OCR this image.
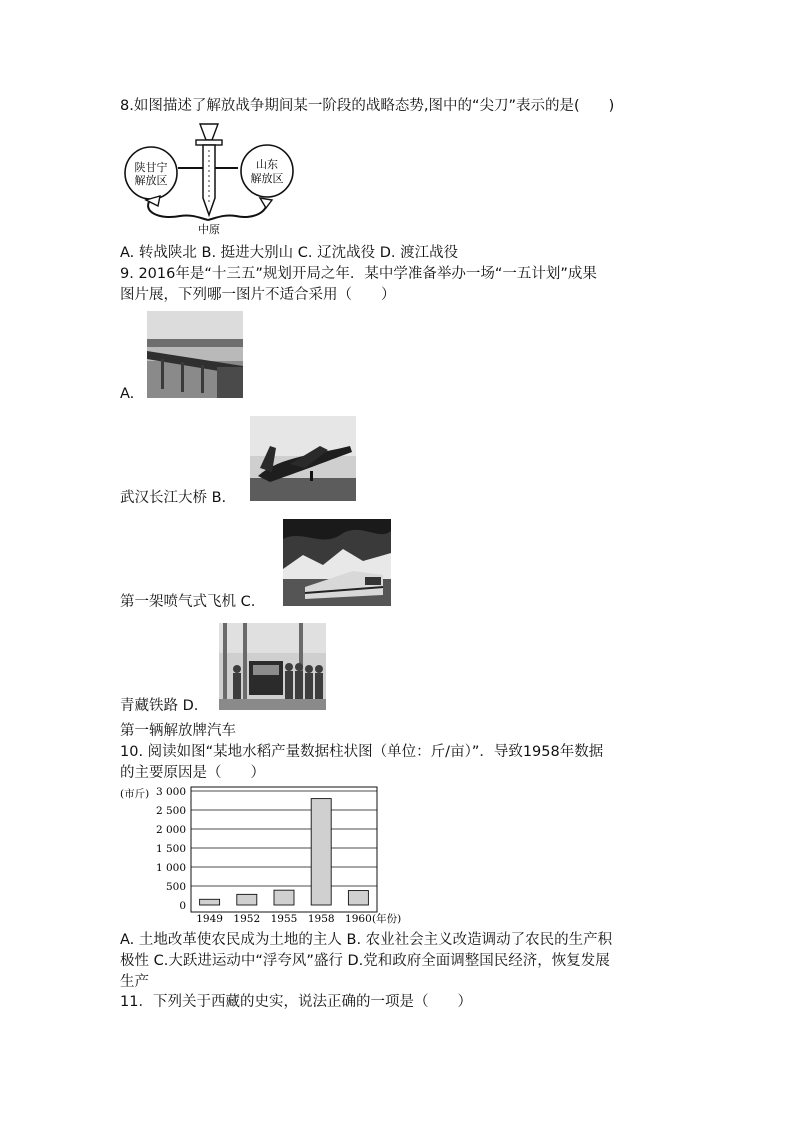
8.如图描述了解放战争期间某一阶段的战略态势,图中的“尖刀”表示的是(　　)
陕甘宁
解放区
山东
解放区
中原
A. 转战陕北 B. 挺进大别山 C. 辽沈战役 D. 渡江战役
9. 2016年是“十三五”规划开局之年．某中学准备举办一场“一五计划”成果
图片展，下列哪一图片不适合采用（　　）
A.
武汉长江大桥 B.
第一架喷气式飞机 C.
青藏铁路 D.
第一辆解放牌汽车
10. 阅读如图“某地水稻产量数据柱状图（单位：斤/亩）”．导致1958年数据
的主要原因是（　　）
(市斤)
(年份)
3 000
2 500
2 000
1 500
1 000
500
0
1949 1952 1955 1958 1960
A. 土地改革使农民成为土地的主人 B. 农业社会主义改造调动了农民的生产积
极性 C.大跃进运动中“浮夸风”盛行 D.党和政府全面调整国民经济，恢复发展
生产
11．下列关于西藏的史实，说法正确的一项是（　　）
